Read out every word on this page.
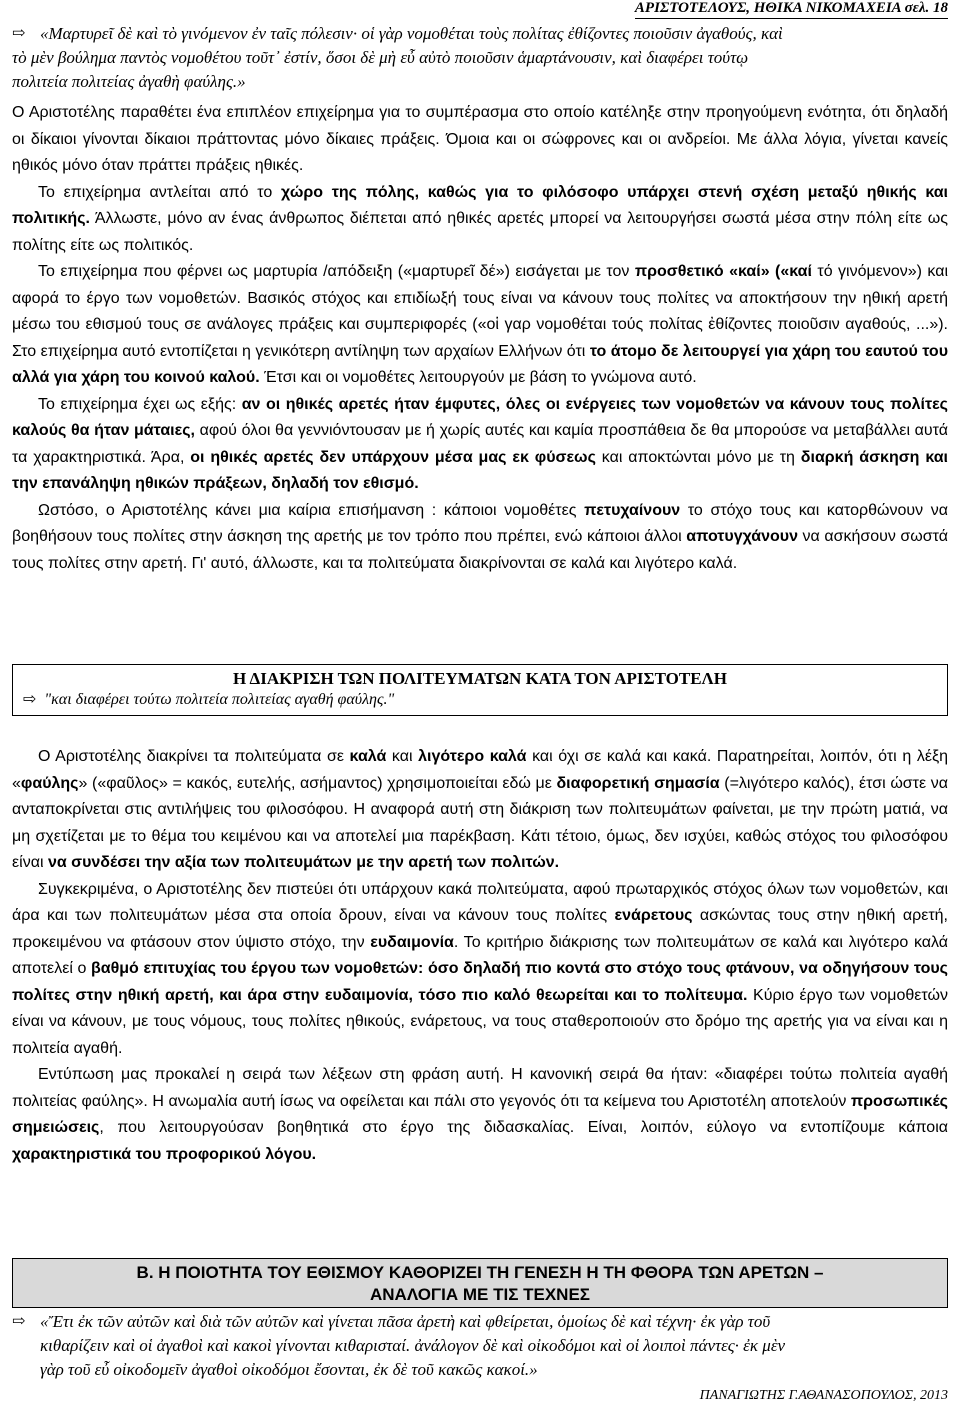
ΑΡΙΣΤΟΤΕΛΟΥΣ, ΗΘΙΚΑ ΝΙΚΟΜΑΧΕΙΑ σελ. 18
⇨ «Μαρτυρεῖ δὲ καὶ τὸ γινόμενον ἐν ταῖς πόλεσιν· οἱ γὰρ νομοθέται τοὺς πολίτας ἐθίζοντες ποιοῦσιν ἀγαθούς, καὶ
τὸ μὲν βούλημα παντὸς νομοθέτου τοῦτ᾽ ἐστίν, ὅσοι δὲ μὴ εὖ αὐτὸ ποιοῦσιν ἁμαρτάνουσιν, καὶ διαφέρει τούτῳ
πολιτεία πολιτείας ἀγαθὴ φαύλης.»

Ο Αριστοτέλης παραθέτει ένα επιπλέον επιχείρημα για το συμπέρασμα στο οποίο κατέληξε στην προηγούμενη ενότητα, ότι δηλαδή οι δίκαιοι γίνονται δίκαιοι πράττοντας μόνο δίκαιες πράξεις. Όμοια και οι σώφρονες και οι ανδρείοι. Με άλλα λόγια, γίνεται κανείς ηθικός μόνο όταν πράττει πράξεις ηθικές.

Το επιχείρημα αντλείται από το χώρο της πόλης, καθώς για το φιλόσοφο υπάρχει στενή σχέση μεταξύ ηθικής και πολιτικής. Άλλωστε, μόνο αν ένας άνθρωπος διέπεται από ηθικές αρετές μπορεί να λειτουργήσει σωστά μέσα στην πόλη είτε ως πολίτης είτε ως πολιτικός.

Το επιχείρημα που φέρνει ως μαρτυρία /απόδειξη («μαρτυρεῖ δέ») εισάγεται με τον προσθετικό «καί» («καί τό γινόμενον») και αφορά το έργο των νομοθετών. Βασικός στόχος και επιδίωξή τους είναι να κάνουν τους πολίτες να αποκτήσουν την ηθική αρετή μέσω του εθισμού τους σε ανάλογες πράξεις και συμπεριφορές («οἱ γαρ νομοθέται τούς πολίτας ἐθίζοντες ποιοῦσιν αγαθούς, ...»). Στο επιχείρημα αυτό εντοπίζεται η γενικότερη αντίληψη των αρχαίων Ελλήνων ότι το άτομο δε λειτουργεί για χάρη του εαυτού του αλλά για χάρη του κοινού καλού. Έτσι και οι νομοθέτες λειτουργούν με βάση το γνώμονα αυτό.

Το επιχείρημα έχει ως εξής: αν οι ηθικές αρετές ήταν έμφυτες, όλες οι ενέργειες των νομοθετών να κάνουν τους πολίτες καλούς θα ήταν μάταιες, αφού όλοι θα γεννιόντουσαν με ή χωρίς αυτές και καμία προσπάθεια δε θα μπορούσε να μεταβάλλει αυτά τα χαρακτηριστικά. Άρα, οι ηθικές αρετές δεν υπάρχουν μέσα μας εκ φύσεως και αποκτώνται μόνο με τη διαρκή άσκηση και την επανάληψη ηθικών πράξεων, δηλαδή τον εθισμό.

Ωστόσο, ο Αριστοτέλης κάνει μια καίρια επισήμανση : κάποιοι νομοθέτες πετυχαίνουν το στόχο τους και κατορθώνουν να βοηθήσουν τους πολίτες στην άσκηση της αρετής με τον τρόπο που πρέπει, ενώ κάποιοι άλλοι αποτυγχάνουν να ασκήσουν σωστά τους πολίτες στην αρετή. Γι' αυτό, άλλωστε, και τα πολιτεύματα διακρίνονται σε καλά και λιγότερο καλά.

Η ΔΙΑΚΡΙΣΗ ΤΩΝ ΠΟΛΙΤΕΥΜΑΤΩΝ ΚΑΤΑ ΤΟΝ ΑΡΙΣΤΟΤΕΛΗ
⇨ "και διαφέρει τούτω πολιτεία πολιτείας αγαθή φαύλης."

Ο Αριστοτέλης διακρίνει τα πολιτεύματα σε καλά και λιγότερο καλά και όχι σε καλά και κακά. Παρατηρείται, λοιπόν, ότι η λέξη «φαύλης» («φαῦλος» = κακός, ευτελής, ασήμαντος) χρησιμοποιείται εδώ με διαφορετική σημασία (=λιγότερο καλός), έτσι ώστε να ανταποκρίνεται στις αντιλήψεις του φιλοσόφου. Η αναφορά αυτή στη διάκριση των πολιτευμάτων φαίνεται, με την πρώτη ματιά, να μη σχετίζεται με το θέμα του κειμένου και να αποτελεί μια παρέκβαση. Κάτι τέτοιο, όμως, δεν ισχύει, καθώς στόχος του φιλοσόφου είναι να συνδέσει την αξία των πολιτευμάτων με την αρετή των πολιτών.

Συγκεκριμένα, ο Αριστοτέλης δεν πιστεύει ότι υπάρχουν κακά πολιτεύματα, αφού πρωταρχικός στόχος όλων των νομοθετών, και άρα και των πολιτευμάτων μέσα στα οποία δρουν, είναι να κάνουν τους πολίτες ενάρετους ασκώντας τους στην ηθική αρετή, προκειμένου να φτάσουν στον ύψιστο στόχο, την ευδαιμονία. Το κριτήριο διάκρισης των πολιτευμάτων σε καλά και λιγότερο καλά αποτελεί ο βαθμό επιτυχίας του έργου των νομοθετών: όσο δηλαδή πιο κοντά στο στόχο τους φτάνουν, να οδηγήσουν τους πολίτες στην ηθική αρετή, και άρα στην ευδαιμονία, τόσο πιο καλό θεωρείται και το πολίτευμα. Κύριο έργο των νομοθετών είναι να κάνουν, με τους νόμους, τους πολίτες ηθικούς, ενάρετους, να τους σταθεροποιούν στο δρόμο της αρετής για να είναι και η πολιτεία αγαθή.

Εντύπωση μας προκαλεί η σειρά των λέξεων στη φράση αυτή. Η κανονική σειρά θα ήταν: «διαφέρει τούτω πολιτεία αγαθή πολιτείας φαύλης». Η ανωμαλία αυτή ίσως να οφείλεται και πάλι στο γεγονός ότι τα κείμενα του Αριστοτέλη αποτελούν προσωπικές σημειώσεις, που λειτουργούσαν βοηθητικά στο έργο της διδασκαλίας. Είναι, λοιπόν, εύλογο να εντοπίζουμε κάποια χαρακτηριστικά του προφορικού λόγου.

Β. Η ΠΟΙΟΤΗΤΑ ΤΟΥ ΕΘΙΣΜΟΥ ΚΑΘΟΡΙΖΕΙ ΤΗ ΓΕΝΕΣΗ Η ΤΗ ΦΘΟΡΑ ΤΩΝ ΑΡΕΤΩΝ –
ΑΝΑΛΟΓΙΑ ΜΕ ΤΙΣ ΤΕΧΝΕΣ
⇨ «Ἔτι ἐκ τῶν αὐτῶν καὶ διὰ τῶν αὐτῶν καὶ γίνεται πᾶσα ἀρετὴ καὶ φθείρεται, ὁμοίως δὲ καὶ τέχνη· ἐκ γὰρ τοῦ
κιθαρίζειν καὶ οἱ ἀγαθοὶ καὶ κακοὶ γίνονται κιθαρισταί. ἀνάλογον δὲ καὶ οἰκοδόμοι καὶ οἱ λοιποὶ πάντες· ἐκ μὲν
γὰρ τοῦ εὖ οἰκοδομεῖν ἀγαθοὶ οἰκοδόμοι ἔσονται, ἐκ δὲ τοῦ κακῶς κακοί.»
ΠΑΝΑΓΙΩΤΗΣ Γ.ΑΘΑΝΑΣΟΠΟΥΛΟΣ, 2013
